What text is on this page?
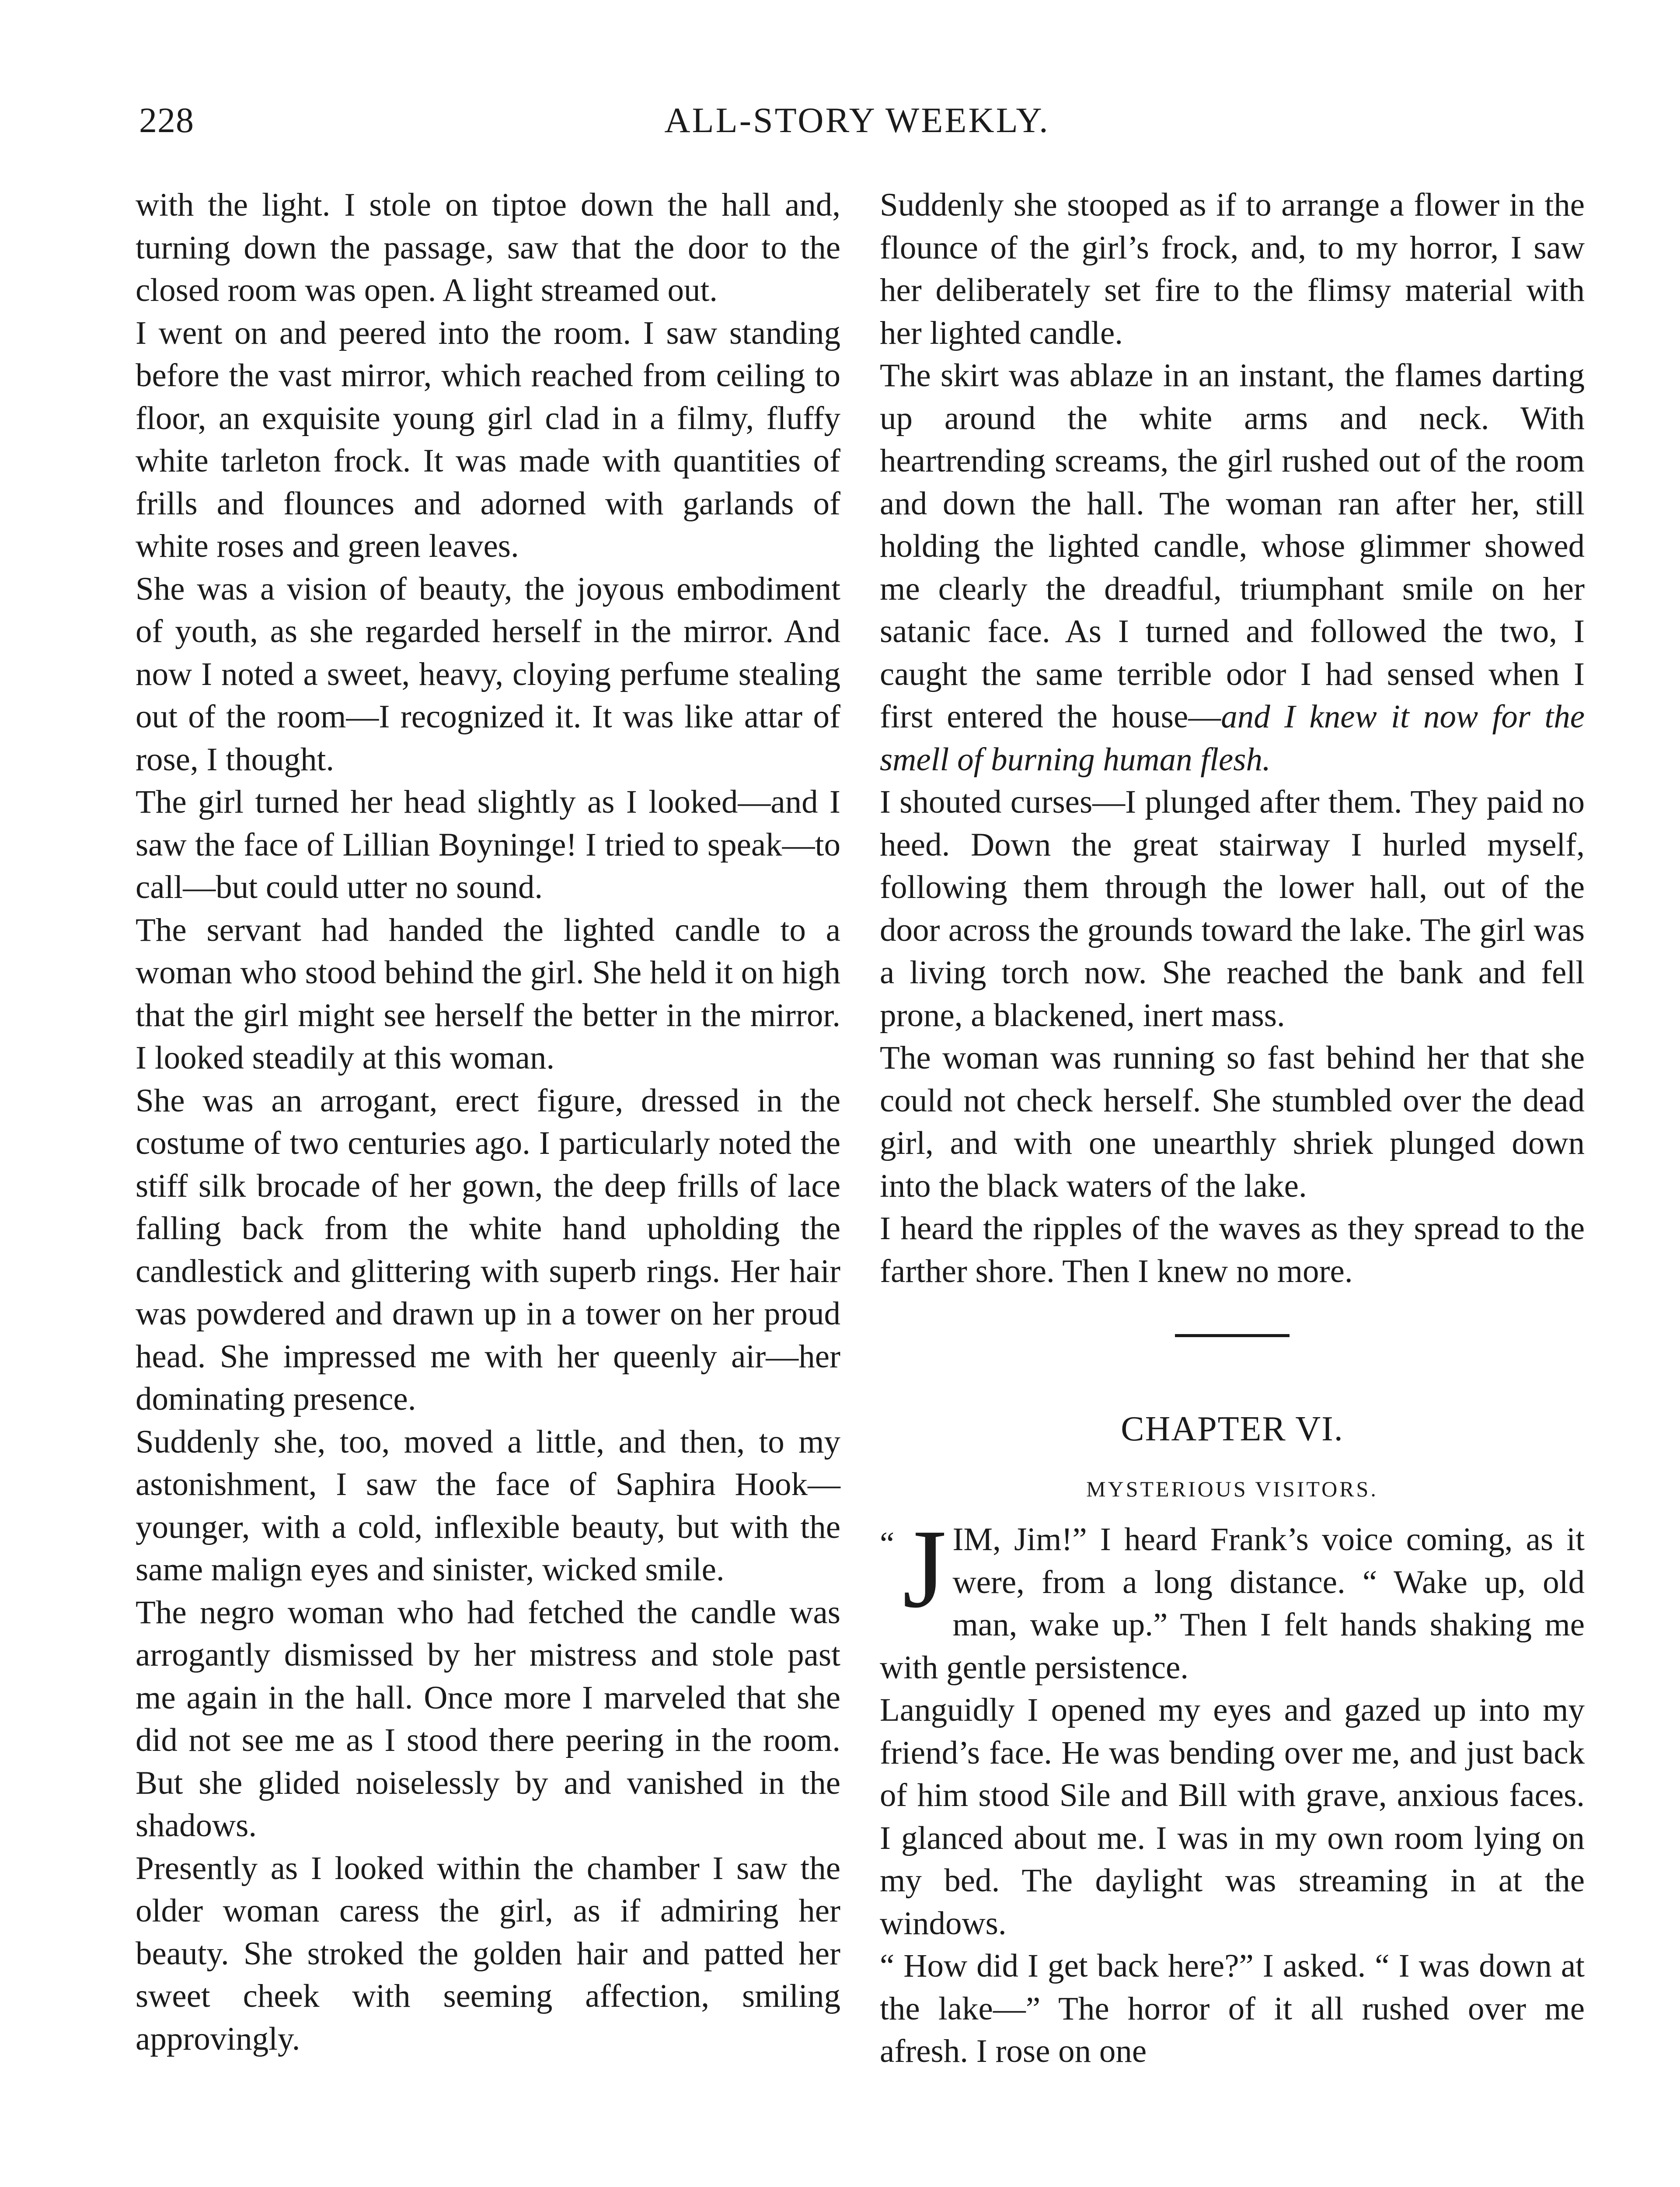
228	ALL-STORY WEEKLY.

with the light. I stole on tiptoe down the hall and, turning down the passage, saw that the door to the closed room was open. A light streamed out.

I went on and peered into the room. I saw standing before the vast mirror, which reached from ceiling to floor, an exquisite young girl clad in a filmy, fluffy white tarleton frock. It was made with quantities of frills and flounces and adorned with garlands of white roses and green leaves.

She was a vision of beauty, the joyous embodiment of youth, as she regarded herself in the mirror. And now I noted a sweet, heavy, cloying perfume stealing out of the room—I recognized it. It was like attar of rose, I thought.

The girl turned her head slightly as I looked—and I saw the face of Lillian Boyninge! I tried to speak—to call—but could utter no sound.

The servant had handed the lighted candle to a woman who stood behind the girl. She held it on high that the girl might see herself the better in the mirror. I looked steadily at this woman.

She was an arrogant, erect figure, dressed in the costume of two centuries ago. I particularly noted the stiff silk brocade of her gown, the deep frills of lace falling back from the white hand upholding the candlestick and glittering with superb rings. Her hair was powdered and drawn up in a tower on her proud head. She impressed me with her queenly air—her dominating presence.

Suddenly she, too, moved a little, and then, to my astonishment, I saw the face of Saphira Hook—younger, with a cold, inflexible beauty, but with the same malign eyes and sinister, wicked smile.

The negro woman who had fetched the candle was arrogantly dismissed by her mistress and stole past me again in the hall. Once more I marveled that she did not see me as I stood there peering in the room. But she glided noiselessly by and vanished in the shadows.

Presently as I looked within the chamber I saw the older woman caress the girl, as if admiring her beauty. She stroked the golden hair and patted her sweet cheek with seeming affection, smiling approvingly.

Suddenly she stooped as if to arrange a flower in the flounce of the girl’s frock, and, to my horror, I saw her deliberately set fire to the flimsy material with her lighted candle.

The skirt was ablaze in an instant, the flames darting up around the white arms and neck. With heartrending screams, the girl rushed out of the room and down the hall. The woman ran after her, still holding the lighted candle, whose glimmer showed me clearly the dreadful, triumphant smile on her satanic face. As I turned and followed the two, I caught the same terrible odor I had sensed when I first entered the house—and I knew it now for the smell of burning human flesh.

I shouted curses—I plunged after them. They paid no heed. Down the great stairway I hurled myself, following them through the lower hall, out of the door across the grounds toward the lake. The girl was a living torch now. She reached the bank and fell prone, a blackened, inert mass.

The woman was running so fast behind her that she could not check herself. She stumbled over the dead girl, and with one unearthly shriek plunged down into the black waters of the lake.

I heard the ripples of the waves as they spread to the farther shore. Then I knew no more.

CHAPTER VI.
MYSTERIOUS VISITORS.

“ J IM, Jim!” I heard Frank’s voice coming, as it were, from a long distance. “ Wake up, old man, wake up.” Then I felt hands shaking me with gentle persistence.

Languidly I opened my eyes and gazed up into my friend’s face. He was bending over me, and just back of him stood Sile and Bill with grave, anxious faces. I glanced about me. I was in my own room lying on my bed. The daylight was streaming in at the windows.

“ How did I get back here?” I asked. “ I was down at the lake—” The horror of it all rushed over me afresh. I rose on one
